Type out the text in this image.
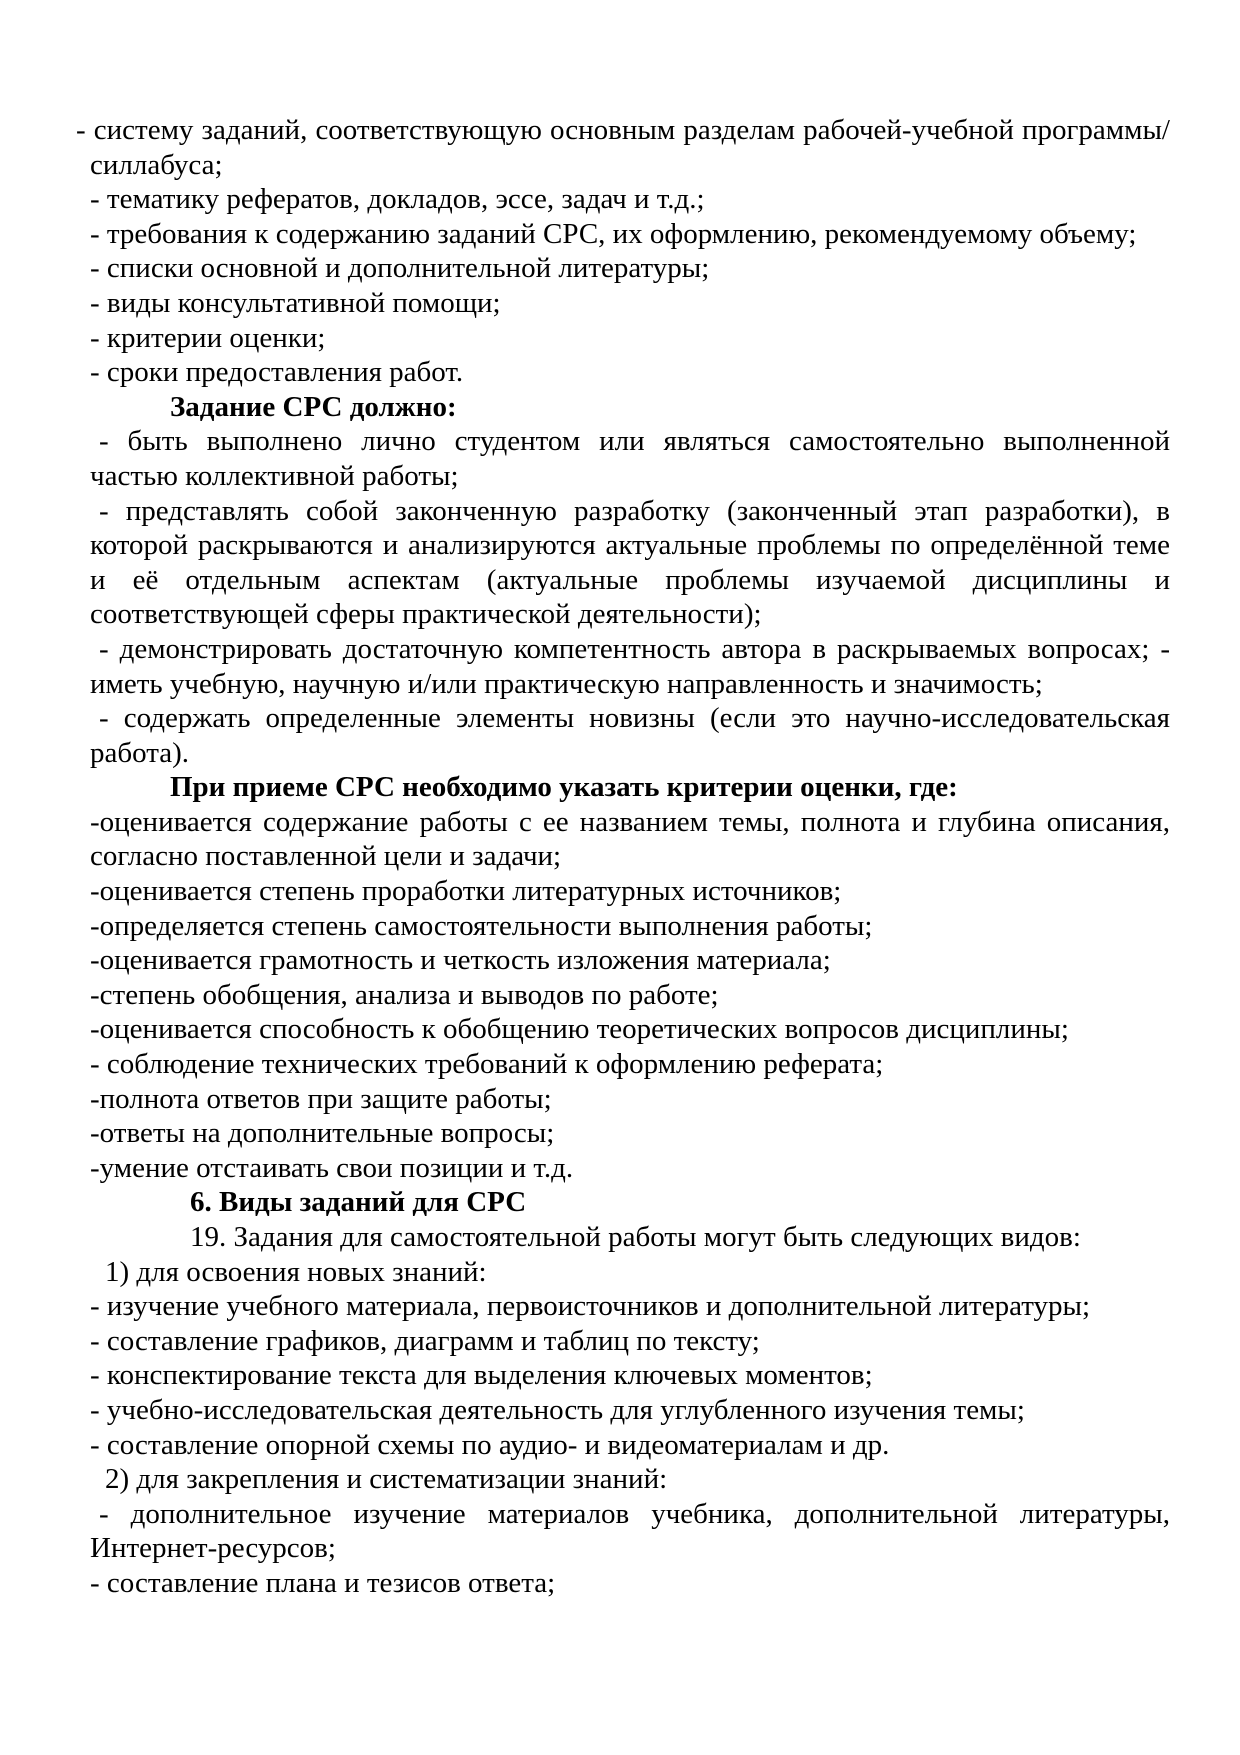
- систему заданий, соответствующую основным разделам рабочей-учебной программы/силлабуса;

- тематику рефератов, докладов, эссе, задач и т.д.;

- требования к содержанию заданий СРС, их оформлению, рекомендуемому объему;

- списки основной и дополнительной литературы;

- виды консультативной помощи;

- критерии оценки;

- сроки предоставления работ.

Задание СРС должно:

- быть выполнено лично студентом или являться самостоятельно выполненной частью коллективной работы;

- представлять собой законченную разработку (законченный этап разработки), в которой раскрываются и анализируются актуальные проблемы по определённой теме и её отдельным аспектам (актуальные проблемы изучаемой дисциплины и соответствующей сферы практической деятельности);

- демонстрировать достаточную компетентность автора в раскрываемых вопросах; - иметь учебную, научную и/или практическую направленность и значимость;

- содержать определенные элементы новизны (если это научно-исследовательская работа).

При приеме СРС необходимо указать критерии оценки, где:

-оценивается содержание работы с ее названием темы, полнота и глубина описания, согласно поставленной цели и задачи;

-оценивается степень проработки литературных источников;

-определяется степень самостоятельности выполнения работы;

-оценивается грамотность и четкость изложения материала;

-степень обобщения, анализа и выводов по работе;

-оценивается способность к обобщению теоретических вопросов дисциплины;

- соблюдение технических требований к оформлению реферата;

-полнота ответов при защите работы;

-ответы на дополнительные вопросы;

-умение отстаивать свои позиции и т.д.

6. Виды заданий для СРС

19. Задания для самостоятельной работы могут быть следующих видов:

1) для освоения новых знаний:

- изучение учебного материала, первоисточников и дополнительной литературы;

- составление графиков, диаграмм и таблиц по тексту;

- конспектирование текста для выделения ключевых моментов;

- учебно-исследовательская деятельность для углубленного изучения темы;

- составление опорной схемы по аудио- и видеоматериалам и др.

2) для закрепления и систематизации знаний:

- дополнительное изучение материалов учебника, дополнительной литературы, Интернет-ресурсов;

- составление плана и тезисов ответа;
